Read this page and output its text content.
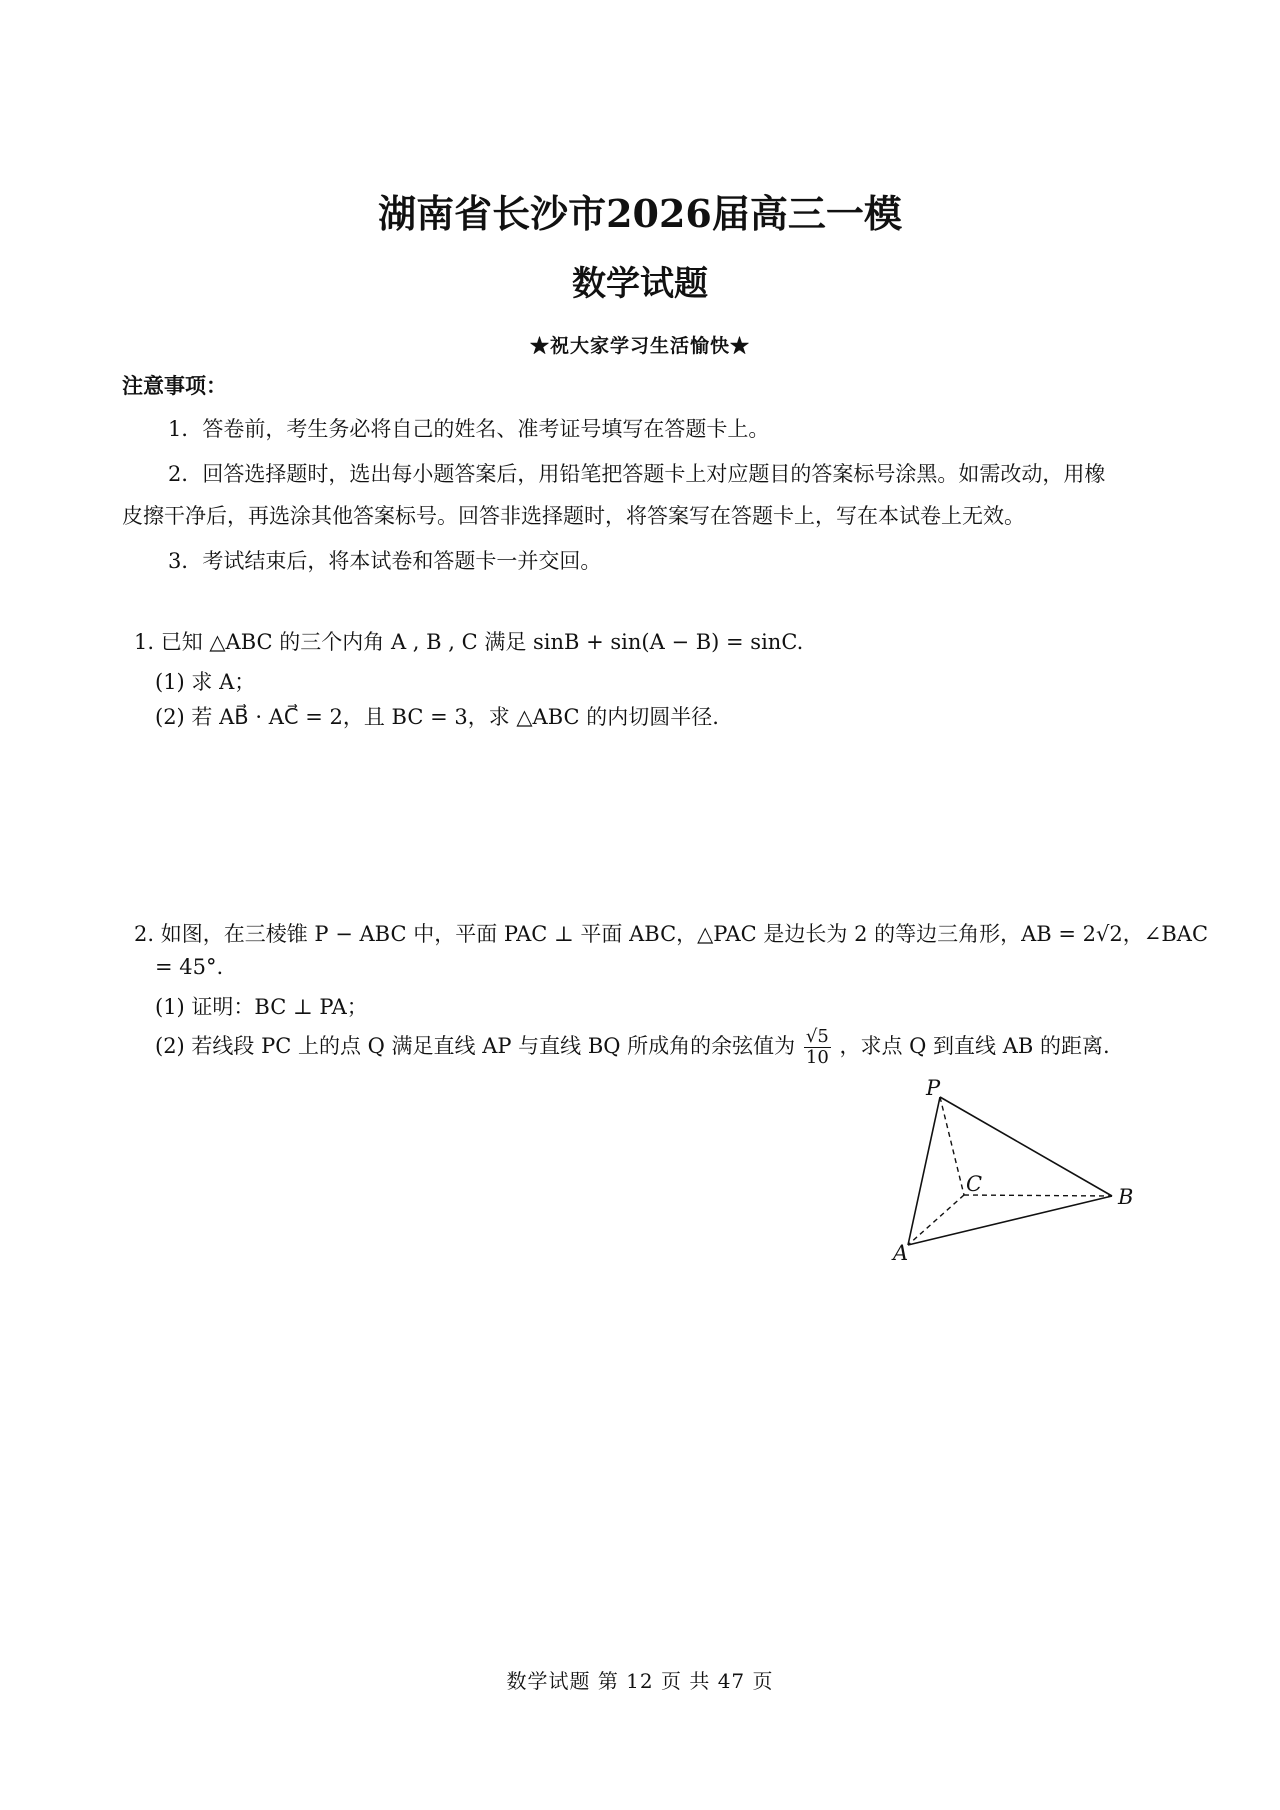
湖南省长沙市2026届高三一模
数学试题
★祝大家学习生活愉快★
注意事项：
1．答卷前，考生务必将自己的姓名、准考证号填写在答题卡上。
2．回答选择题时，选出每小题答案后，用铅笔把答题卡上对应题目的答案标号涂黑。如需改动，用橡
皮擦干净后，再选涂其他答案标号。回答非选择题时，将答案写在答题卡上，写在本试卷上无效。
3．考试结束后，将本试卷和答题卡一并交回。
1. 已知 △ABC 的三个内角 A , B , C 满足 sinB + sin(A − B) = sinC.
(1) 求 A；
(2) 若 AB⃗ · AC⃗ = 2，且 BC = 3，求 △ABC 的内切圆半径.
2. 如图，在三棱锥 P − ABC 中，平面 PAC ⊥ 平面 ABC，△PAC 是边长为 2 的等边三角形，AB = 2√2，∠BAC
= 45°.
(1) 证明：BC ⊥ PA；
(2) 若线段 PC 上的点 Q 满足直线 AP 与直线 BQ 所成角的余弦值为 $\frac{√5}{10}$ ，求点 Q 到直线 AB 的距离.
P
C
B
A
数学试题 第 12 页 共 47 页
